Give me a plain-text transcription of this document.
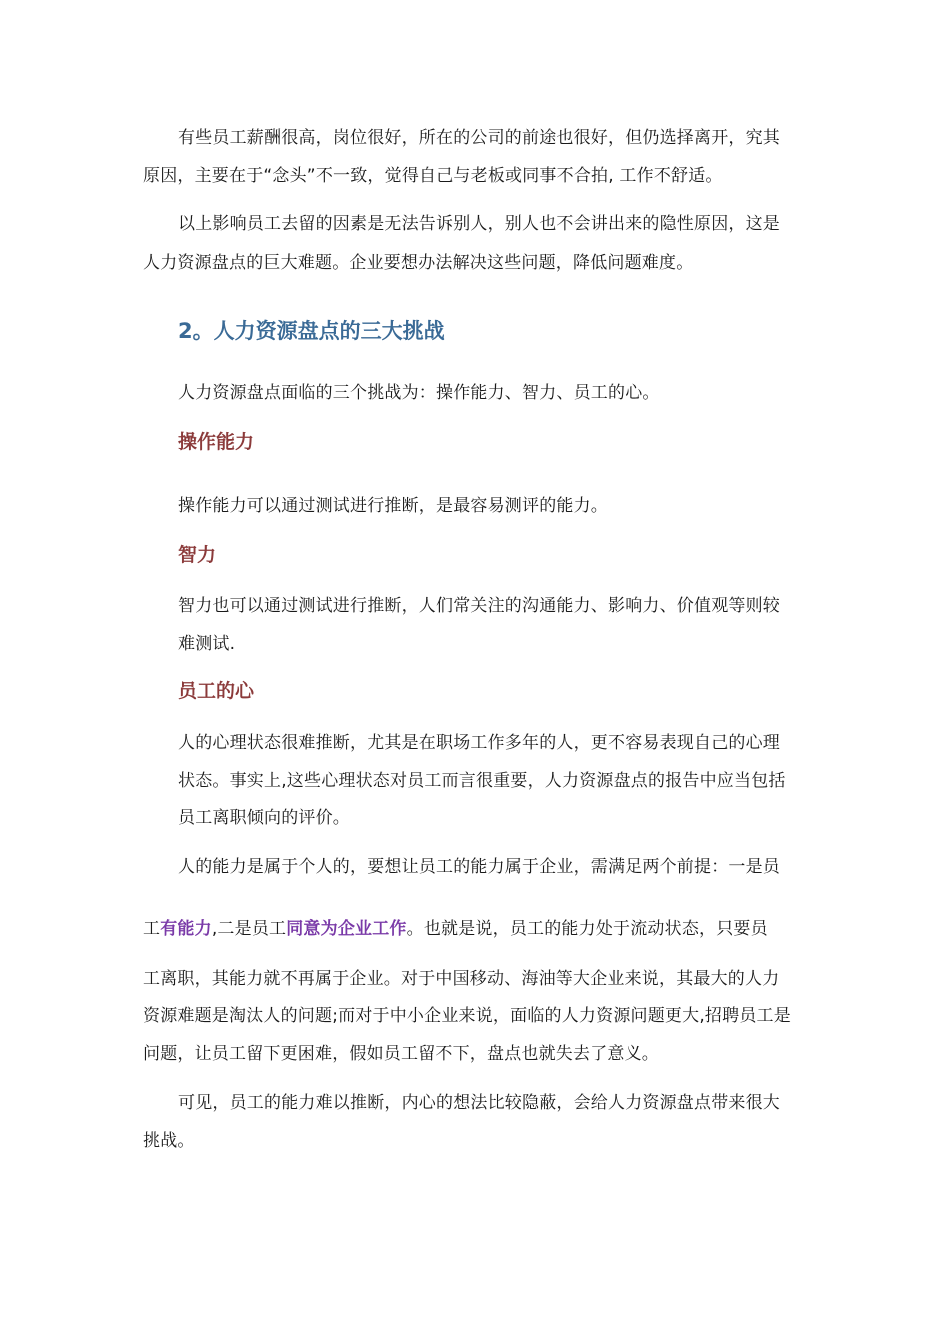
有些员工薪酬很高，岗位很好，所在的公司的前途也很好，但仍选择离开，究其
原因，主要在于“念头”不一致，觉得自己与老板或同事不合拍, 工作不舒适。
以上影响员工去留的因素是无法告诉别人，别人也不会讲出来的隐性原因，这是
人力资源盘点的巨大难题。企业要想办法解决这些问题，降低问题难度。
2。人力资源盘点的三大挑战
人力资源盘点面临的三个挑战为：操作能力、智力、员工的心。
操作能力
操作能力可以通过测试进行推断，是最容易测评的能力。
智力
智力也可以通过测试进行推断，人们常关注的沟通能力、影响力、价值观等则较
难测试.
员工的心
人的心理状态很难推断，尤其是在职场工作多年的人，更不容易表现自己的心理
状态。事实上,这些心理状态对员工而言很重要，人力资源盘点的报告中应当包括
员工离职倾向的评价。
人的能力是属于个人的，要想让员工的能力属于企业，需满足两个前提：一是员
工有能力,二是员工同意为企业工作。也就是说，员工的能力处于流动状态，只要员
工离职，其能力就不再属于企业。对于中国移动、海油等大企业来说，其最大的人力
资源难题是淘汰人的问题;而对于中小企业来说，面临的人力资源问题更大,招聘员工是
问题，让员工留下更困难，假如员工留不下，盘点也就失去了意义。
可见，员工的能力难以推断，内心的想法比较隐蔽，会给人力资源盘点带来很大
挑战。
